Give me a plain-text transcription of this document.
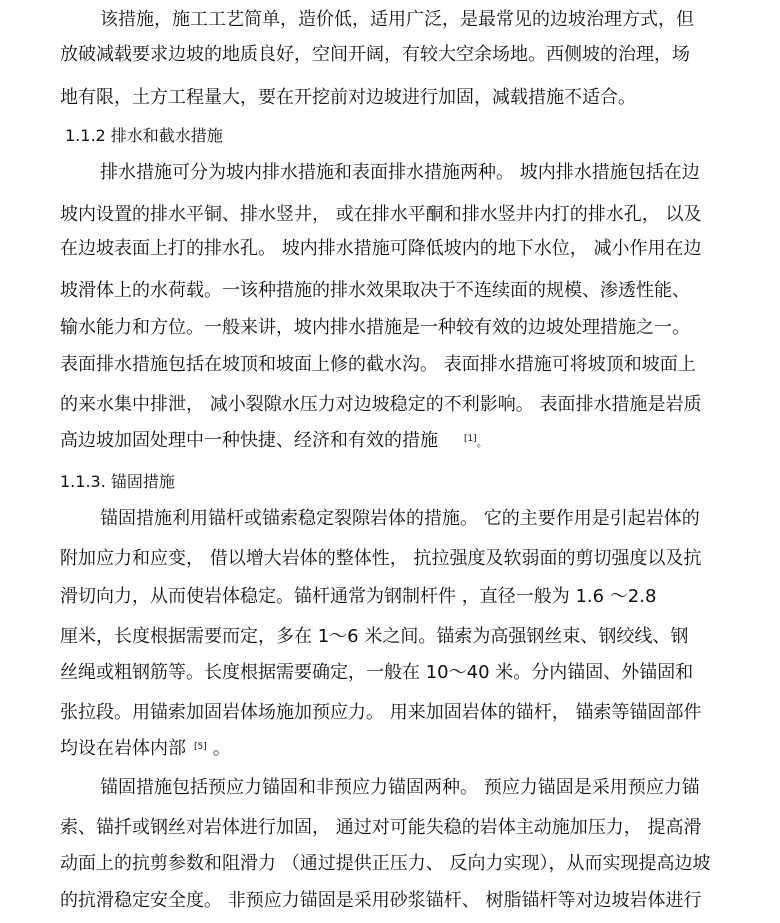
该措施，施工工艺简单，造价低，适用广泛，是最常见的边坡治理方式，但
放破减载要求边坡的地质良好，空间开阔，有较大空余场地。西侧坡的治理，场
地有限，土方工程量大，要在开挖前对边坡进行加固，减载措施不适合。
1.1.2 排水和截水措施
排水措施可分为坡内排水措施和表面排水措施两种。 坡内排水措施包括在边
坡内设置的排水平铜、排水竖井， 或在排水平酮和排水竖井内打的排水孔， 以及
在边坡表面上打的排水孔。 坡内排水措施可降低坡内的地下水位， 减小作用在边
坡滑体上的水荷载。一该种措施的排水效果取决于不连续面的规模、渗透性能、
输水能力和方位。一般来讲，坡内排水措施是一种较有效的边坡处理措施之一。
表面排水措施包括在坡顶和坡面上修的截水沟。 表面排水措施可将坡顶和坡面上
的来水集中排泄， 减小裂隙水压力对边坡稳定的不利影响。 表面排水措施是岩质
高边坡加固处理中一种快捷、经济和有效的措施	[1]。
1.1.3. 锚固措施
锚固措施利用锚杆或锚索稳定裂隙岩体的措施。 它的主要作用是引起岩体的
附加应力和应变， 借以增大岩体的整体性， 抗拉强度及软弱面的剪切强度以及抗
滑切向力，从而使岩体稳定。锚杆通常为钢制杆件 ，直径一般为 1.6 ～2.8
厘米，长度根据需要而定，多在 1～6 米之间。锚索为高强钢丝束、钢绞线、钢
丝绳或粗钢筋等。长度根据需要确定，一般在 10～40 米。分内锚固、外锚固和
张拉段。用锚索加固岩体场施加预应力。 用来加固岩体的锚杆， 锚索等锚固部件
均设在岩体内部 [5] 。
锚固措施包括预应力锚固和非预应力锚固两种。 预应力锚固是采用预应力锚
索、锚扦或钢丝对岩体进行加固， 通过对可能失稳的岩体主动施加压力， 提高滑
动面上的抗剪参数和阻滑力 （通过提供正压力、 反向力实现），从而实现提高边坡
的抗滑稳定安全度。 非预应力锚固是采用砂浆锚杆、 树脂锚杆等对边坡岩体进行
